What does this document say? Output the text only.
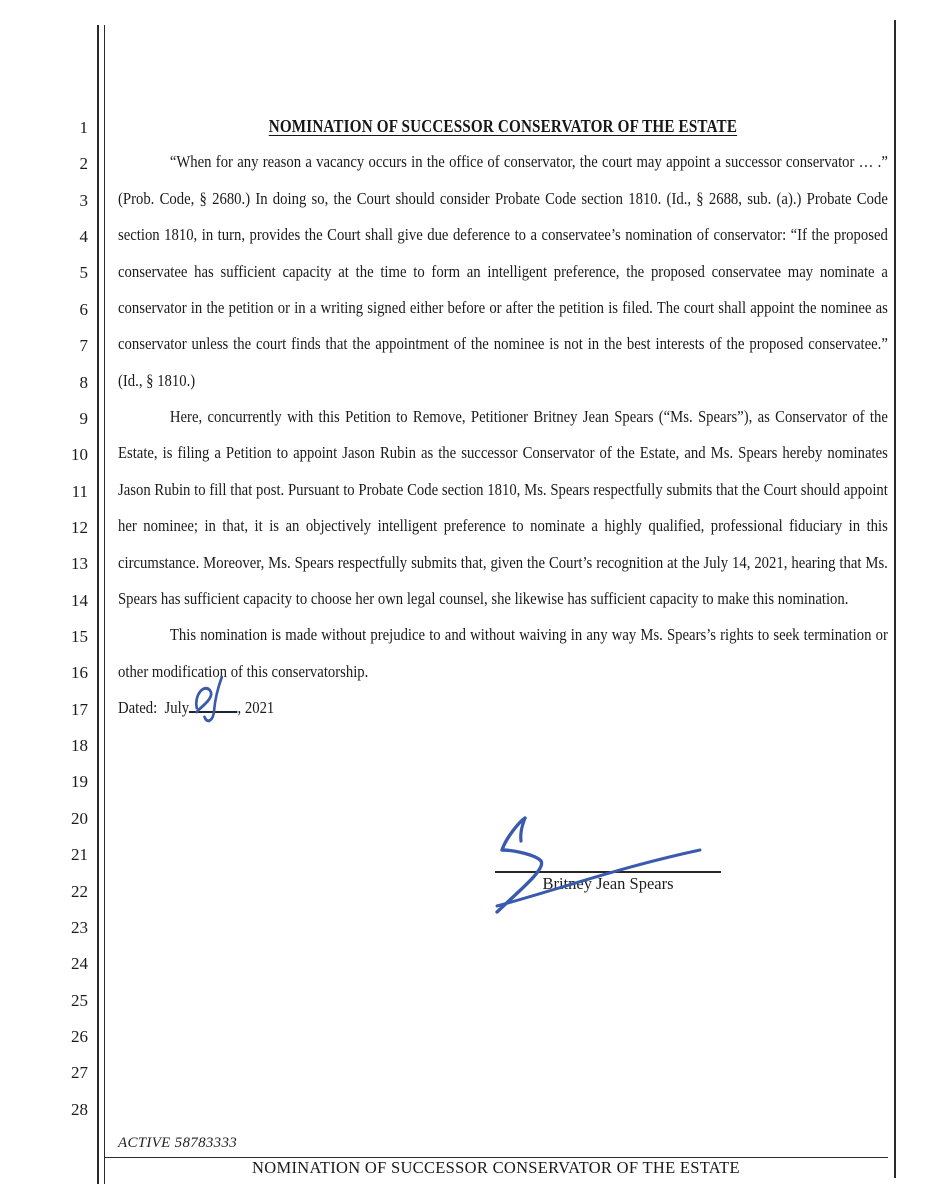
1
2
3
4
5
6
7
8
9
10
11
12
13
14
15
16
17
18
19
20
21
22
23
24
25
26
27
28

NOMINATION OF SUCCESSOR CONSERVATOR OF THE ESTATE

“When for any reason a vacancy occurs in the office of conservator, the court may appoint a successor conservator … .” (Prob. Code, § 2680.) In doing so, the Court should consider Probate Code section 1810. (Id., § 2688, sub. (a).) Probate Code section 1810, in turn, provides the Court shall give due deference to a conservatee’s nomination of conservator: “If the proposed conservatee has sufficient capacity at the time to form an intelligent preference, the proposed conservatee may nominate a conservator in the petition or in a writing signed either before or after the petition is filed. The court shall appoint the nominee as conservator unless the court finds that the appointment of the nominee is not in the best interests of the proposed conservatee.” (Id., § 1810.)

Here, concurrently with this Petition to Remove, Petitioner Britney Jean Spears (“Ms. Spears”), as Conservator of the Estate, is filing a Petition to appoint Jason Rubin as the successor Conservator of the Estate, and Ms. Spears hereby nominates Jason Rubin to fill that post. Pursuant to Probate Code section 1810, Ms. Spears respectfully submits that the Court should appoint her nominee; in that, it is an objectively intelligent preference to nominate a highly qualified, professional fiduciary in this circumstance. Moreover, Ms. Spears respectfully submits that, given the Court’s recognition at the July 14, 2021, hearing that Ms. Spears has sufficient capacity to choose her own legal counsel, she likewise has sufficient capacity to make this nomination.

This nomination is made without prejudice to and without waiving in any way Ms. Spears’s rights to seek termination or other modification of this conservatorship.

Dated:  July	, 2021

Britney Jean Spears
ACTIVE 58783333
NOMINATION OF SUCCESSOR CONSERVATOR OF THE ESTATE
